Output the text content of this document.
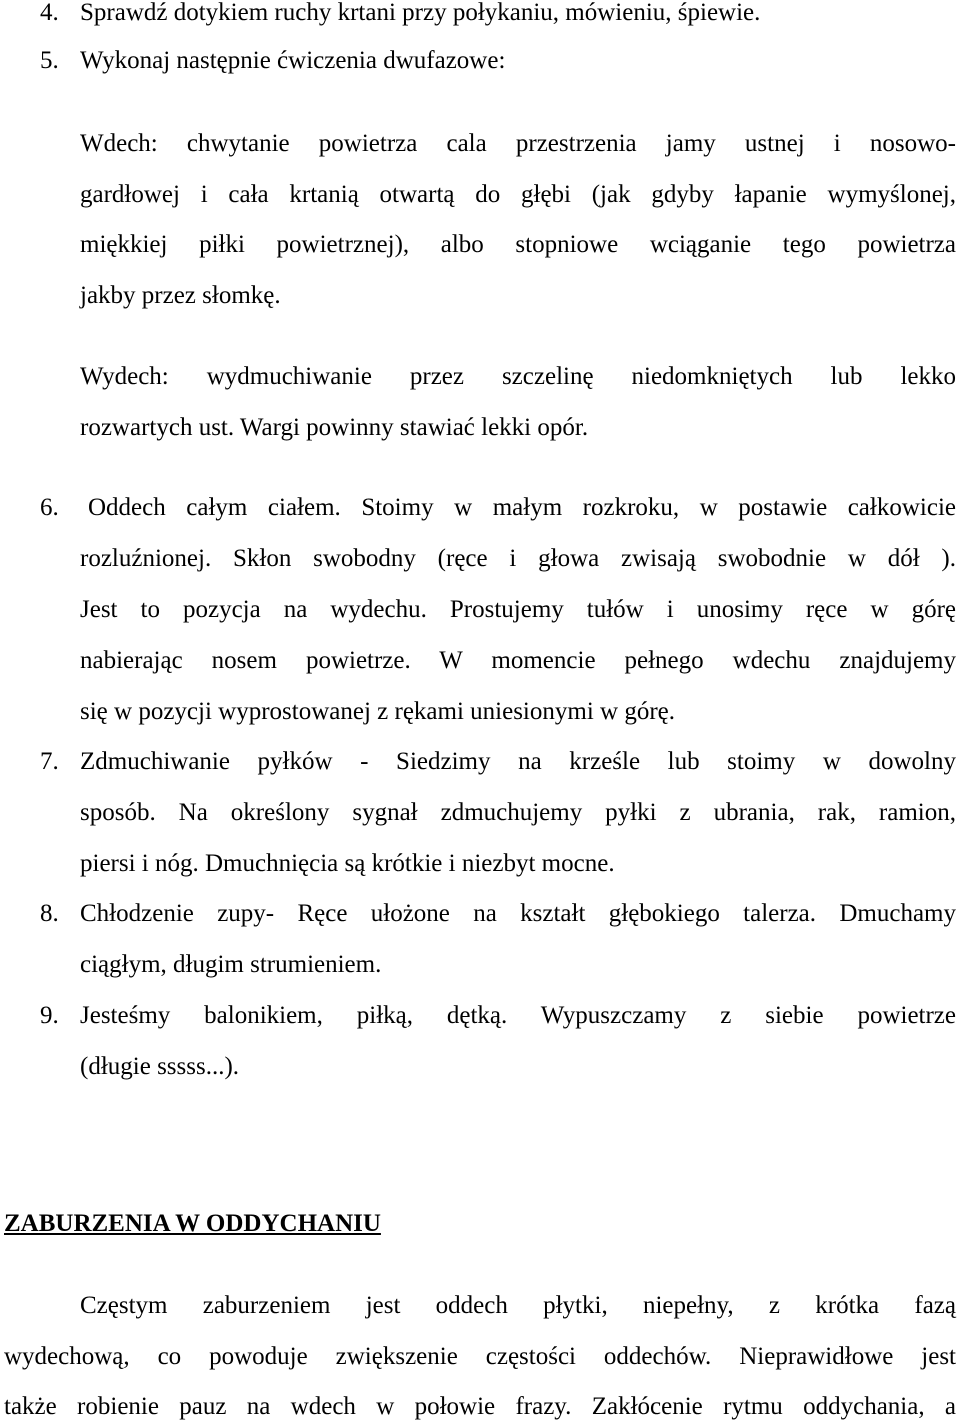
4. Sprawdź dotykiem ruchy krtani przy połykaniu, mówieniu, śpiewie.
5. Wykonaj następnie ćwiczenia dwufazowe:
Wdech: chwytanie powietrza cala przestrzenia jamy ustnej i nosowo-
gardłowej i cała krtanią otwartą do głębi (jak gdyby łapanie wymyślonej,
miękkiej piłki powietrznej), albo stopniowe wciąganie tego powietrza
jakby przez słomkę.
Wydech: wydmuchiwanie przez szczelinę niedomkniętych lub lekko
rozwartych ust. Wargi powinny stawiać lekki opór.
6. Oddech całym ciałem. Stoimy w małym rozkroku, w postawie całkowicie
rozluźnionej. Skłon swobodny (ręce i głowa zwisają swobodnie w dół ).
Jest to pozycja na wydechu. Prostujemy tułów i unosimy ręce w górę
nabierając nosem powietrze. W momencie pełnego wdechu znajdujemy
się w pozycji wyprostowanej z rękami uniesionymi w górę.
7. Zdmuchiwanie pyłków - Siedzimy na krześle lub stoimy w dowolny
sposób. Na określony sygnał zdmuchujemy pyłki z ubrania, rak, ramion,
piersi i nóg. Dmuchnięcia są krótkie i niezbyt mocne.
8. Chłodzenie zupy- Ręce ułożone na kształt głębokiego talerza. Dmuchamy
ciągłym, długim strumieniem.
9. Jesteśmy balonikiem, piłką, dętką. Wypuszczamy z siebie powietrze
(długie sssss...).
ZABURZENIA W ODDYCHANIU
Częstym zaburzeniem jest oddech płytki, niepełny, z krótka fazą
wydechową, co powoduje zwiększenie częstości oddechów. Nieprawidłowe jest
także robienie pauz na wdech w połowie frazy. Zakłócenie rytmu oddychania, a
